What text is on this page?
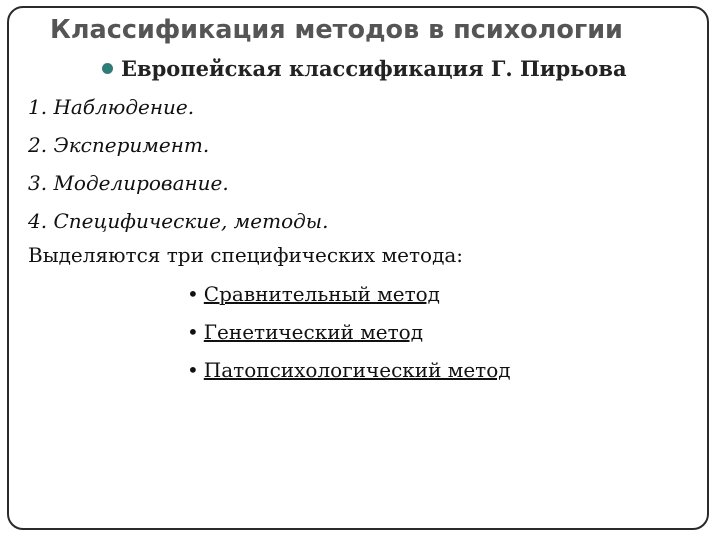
Классификация методов в психологии
Европейская классификация Г. Пирьова
1. Наблюдение.
2. Эксперимент.
3. Моделирование.
4. Специфические, методы.
Выделяются три специфических метода:
• Сравнительный метод
• Генетический метод
• Патопсихологический метод
